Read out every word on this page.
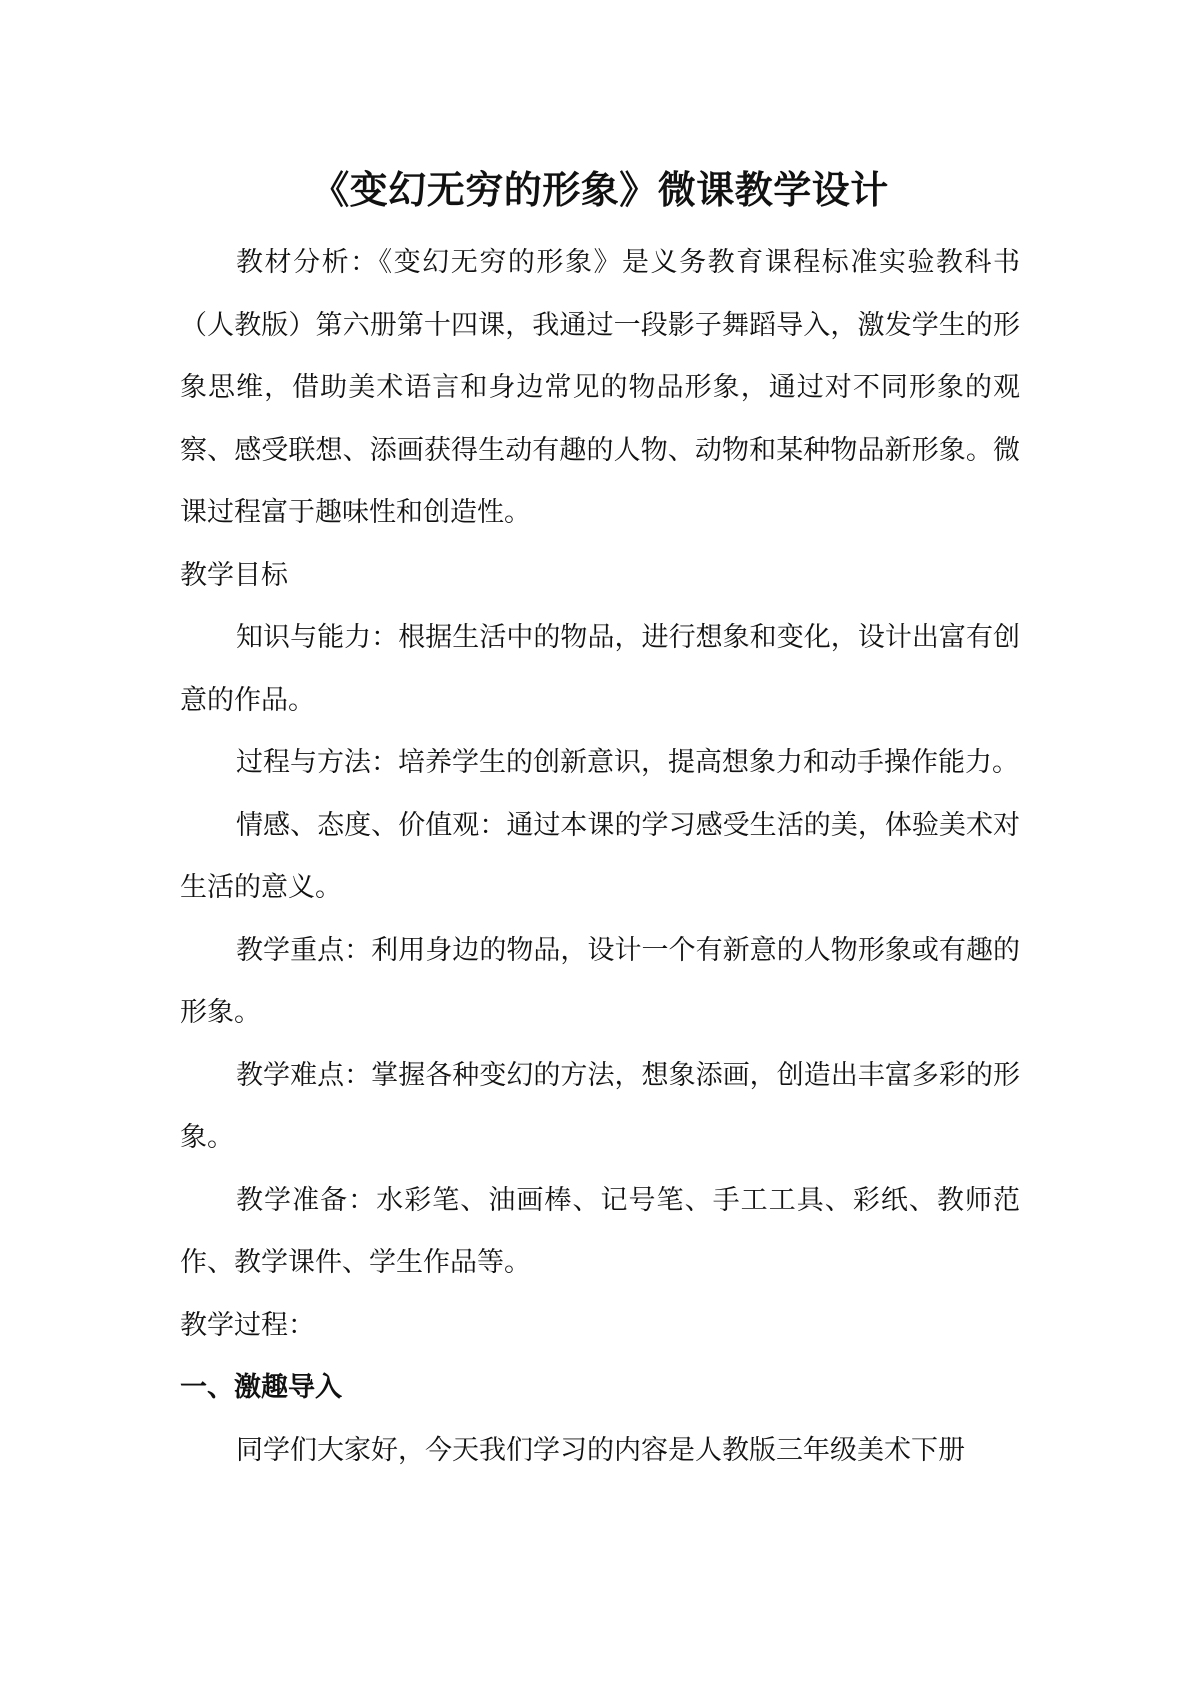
《变幻无穷的形象》微课教学设计

教材分析：《变幻无穷的形象》是义务教育课程标准实验教科书（人教版）第六册第十四课，我通过一段影子舞蹈导入，激发学生的形象思维，借助美术语言和身边常见的物品形象，通过对不同形象的观察、感受联想、添画获得生动有趣的人物、动物和某种物品新形象。微课过程富于趣味性和创造性。

教学目标

知识与能力：根据生活中的物品，进行想象和变化，设计出富有创意的作品。

过程与方法：培养学生的创新意识，提高想象力和动手操作能力。

情感、态度、价值观：通过本课的学习感受生活的美，体验美术对生活的意义。

教学重点：利用身边的物品，设计一个有新意的人物形象或有趣的形象。

教学难点：掌握各种变幻的方法，想象添画，创造出丰富多彩的形象。

教学准备：水彩笔、油画棒、记号笔、手工工具、彩纸、教师范作、教学课件、学生作品等。

教学过程：

一、激趣导入

同学们大家好，今天我们学习的内容是人教版三年级美术下册
